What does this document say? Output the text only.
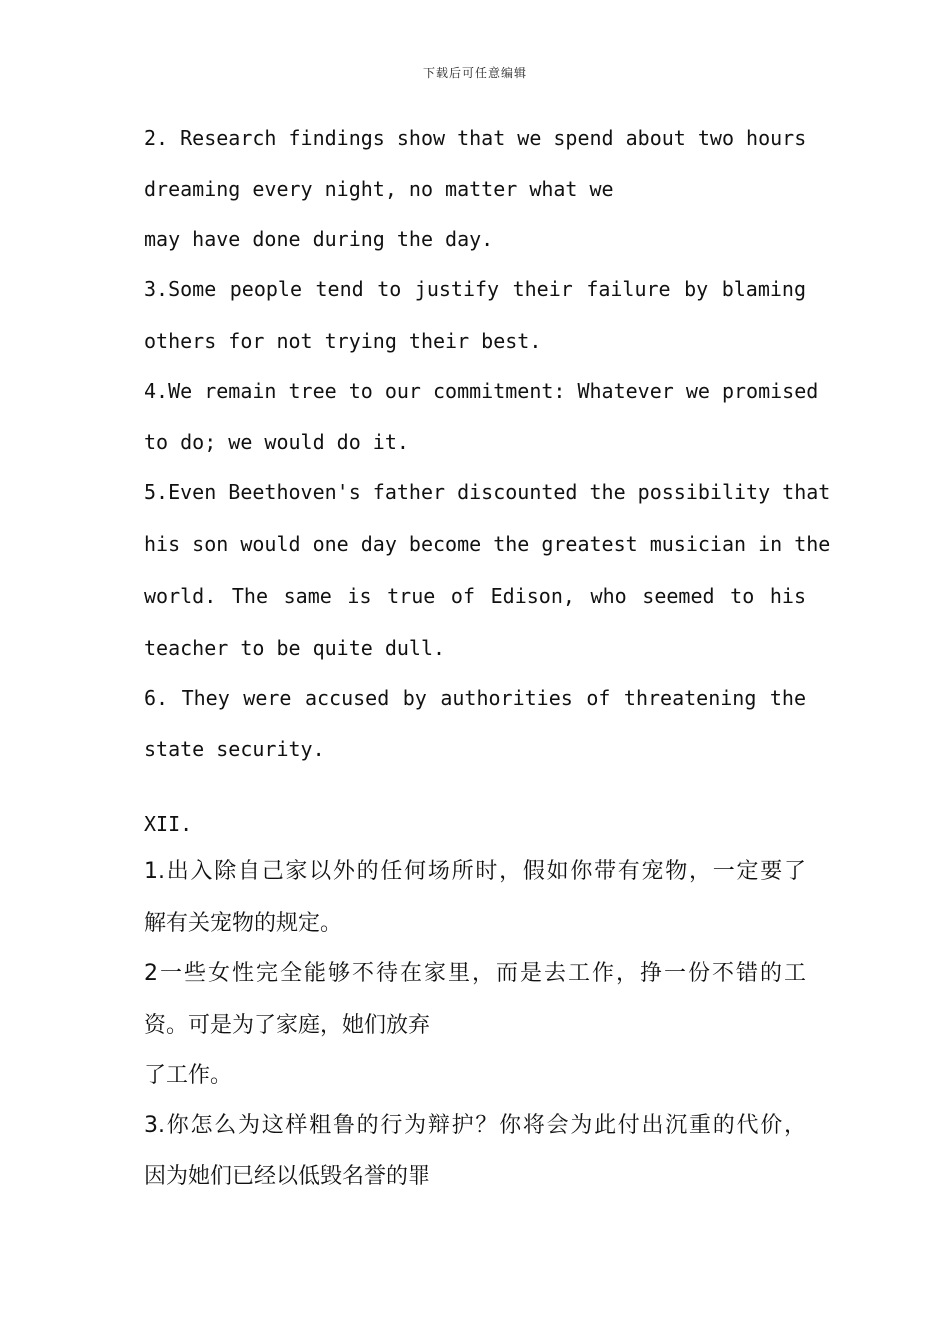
下载后可任意编辑
2. Research findings show that we spend about two hours
dreaming every night, no matter what we
may have done during the day.
3.Some people tend to justify their failure by blaming
others for not trying their best.
4.We remain tree to our commitment: Whatever we promised
to do; we would do it.
5.Even Beethoven's father discounted the possibility that
his son would one day become the greatest musician in the
world. The same is true of Edison, who seemed to his
teacher to be quite dull.
6. They were accused by authorities of threatening the
state security.
XII.
1.出入除自己家以外的任何场所时，假如你带有宠物，一定要了
解有关宠物的规定。
2一些女性完全能够不待在家里，而是去工作，挣一份不错的工
资。可是为了家庭，她们放弃
了工作。
3.你怎么为这样粗鲁的行为辩护？你将会为此付出沉重的代价，
因为她们已经以低毁名誉的罪
